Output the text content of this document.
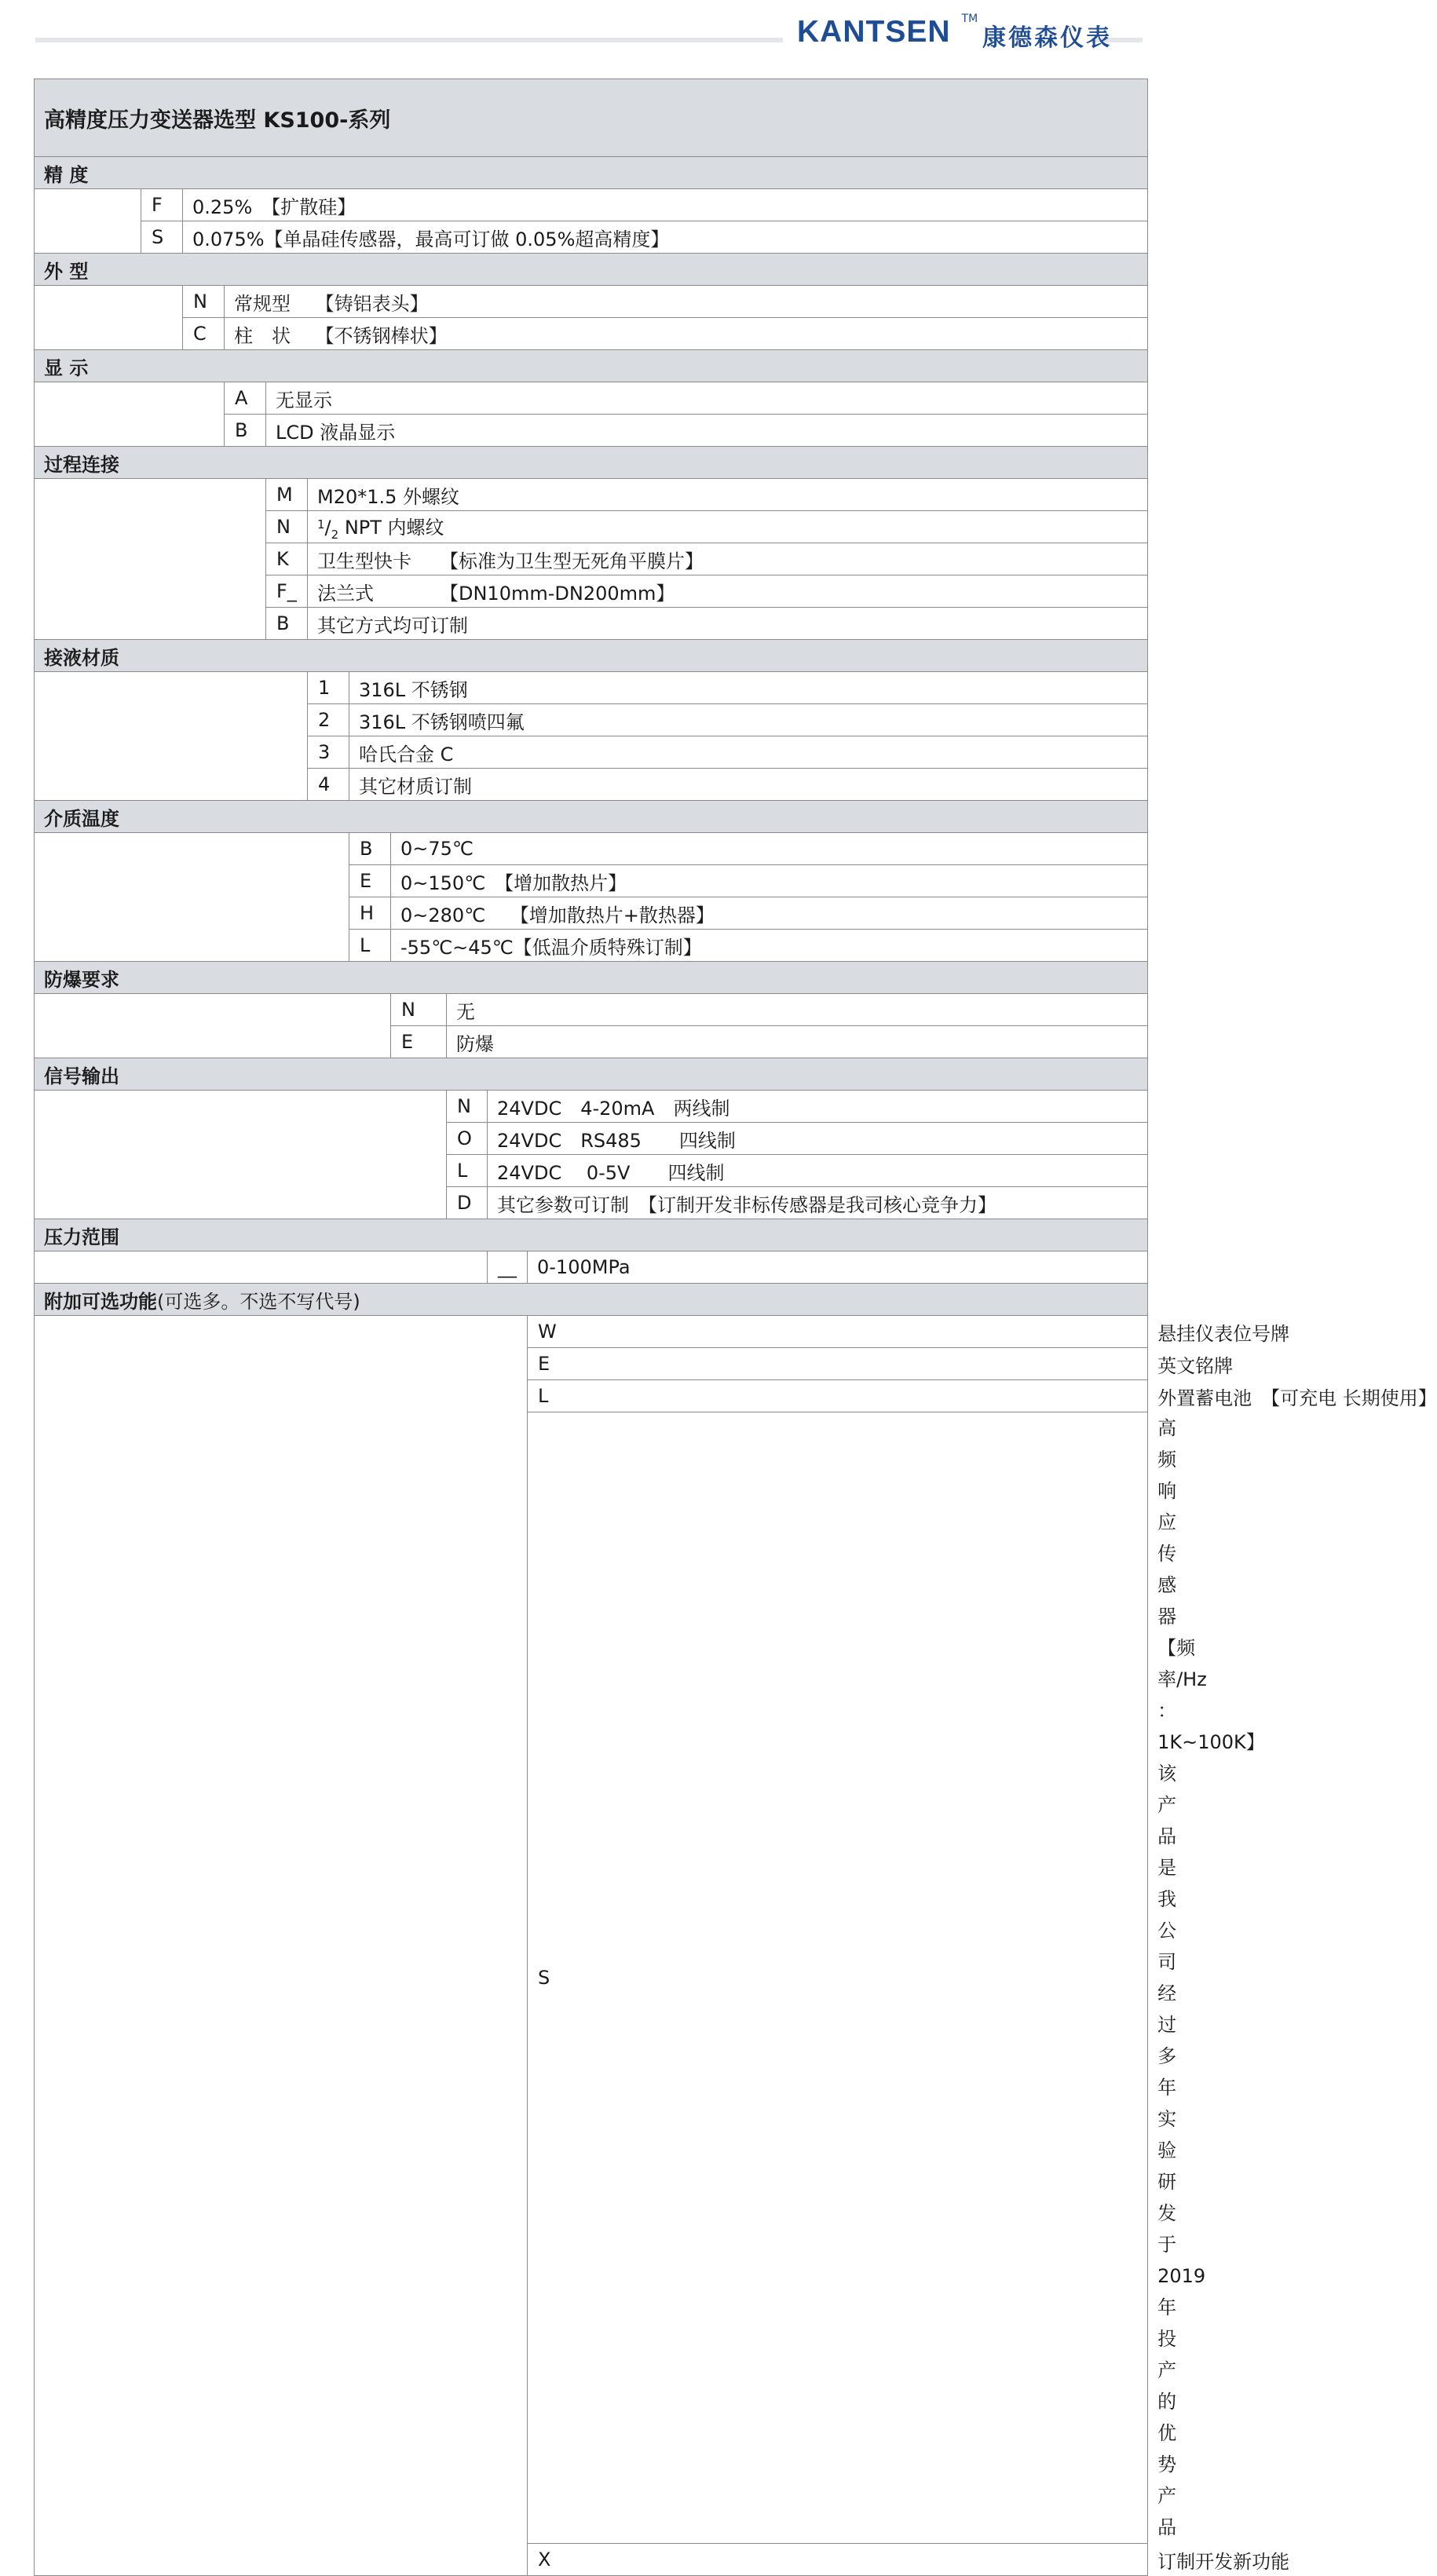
KANTSEN TM
康德森仪表
高精度压力变送器选型 KS100-系列											
精 度											
	F	0.25%　【扩散硅】									
	S	0.075%【单晶硅传感器，最高可订做 0.05%超高精度】									
外 型											
		N	常规型　 【铸铝表头】								
		C	柱　状　 【不锈钢棒状】								
显 示											
			A	无显示							
			B	LCD 液晶显示							
过程连接											
				M	M20*1.5 外螺纹						
				N	$^1/_2$ NPT 内螺纹						
				K	卫生型快卡　　【标准为卫生型无死角平膜片】						
				F_	法兰式　　　　【DN10mm-DN200mm】						
				B	其它方式均可订制						
接液材质											
					1	316L 不锈钢					
					2	316L 不锈钢喷四氟					
					3	哈氏合金 C					
					4	其它材质订制					
介质温度											
						B	0~75℃				
						E	0~150℃　【增加散热片】				
						H	0~280℃　 【增加散热片+散热器】				
						L	-55℃~45℃【低温介质特殊订制】				
防爆要求											
							N	无			
							E	防爆			
信号输出											
								N	24VDC　4-20mA　两线制		
								O	24VDC　RS485　　四线制		
								L	24VDC　 0-5V　　四线制		
								D	其它参数可订制　【订制开发非标传感器是我司核心竞争力】		
压力范围											
									__	0-100MPa	
附加可选功能(可选多。不选不写代号)											
										W	悬挂仪表位号牌
										E	英文铭牌
										L	外置蓄电池　【可充电 长期使用】
										S	高频响应传感器【频率/Hz ： 1K~100K】 该产品是我公司经过多年实验研发于 2019 年投产的优势产品
										X	订制开发新功能
